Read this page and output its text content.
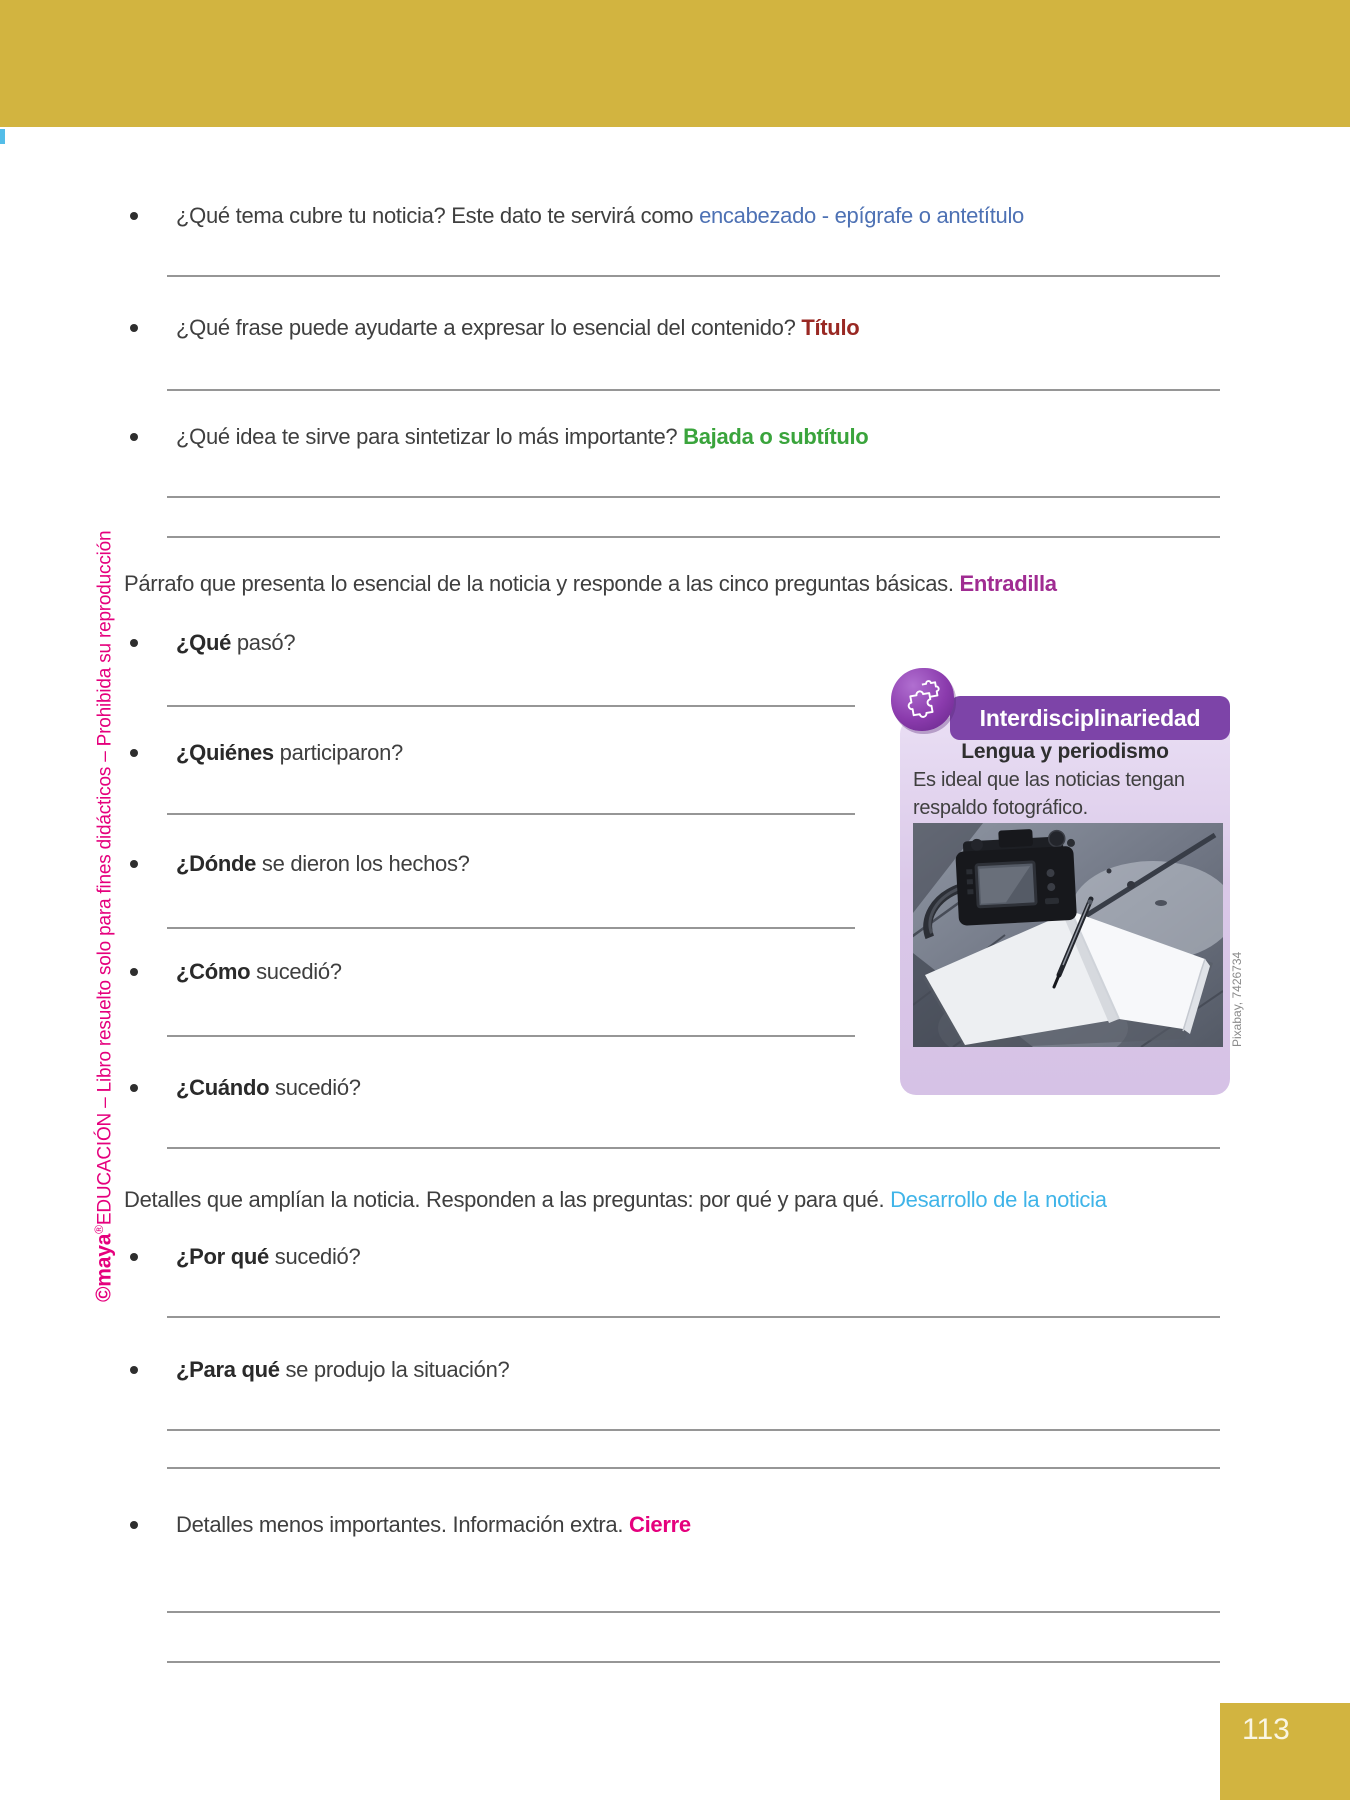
©maya®EDUCACIÓN – Libro resuelto solo para fines didácticos – Prohibida su reproducción
¿Qué tema cubre tu noticia? Este dato te servirá como encabezado - epígrafe o antetítulo
¿Qué frase puede ayudarte a expresar lo esencial del contenido? Título
¿Qué idea te sirve para sintetizar lo más importante? Bajada o subtítulo
Párrafo que presenta lo esencial de la noticia y responde a las cinco preguntas básicas. Entradilla
¿Qué pasó?
¿Quiénes participaron?
¿Dónde se dieron los hechos?
¿Cómo sucedió?
¿Cuándo sucedió?
Detalles que amplían la noticia. Responden a las preguntas: por qué y para qué. Desarrollo de la noticia
¿Por qué sucedió?
¿Para qué se produjo la situación?
Detalles menos importantes. Información extra. Cierre
Interdisciplinariedad
Lengua y periodismo
Es ideal que las noticias tengan
respaldo fotográfico.
Pixabay, 7426734
113
